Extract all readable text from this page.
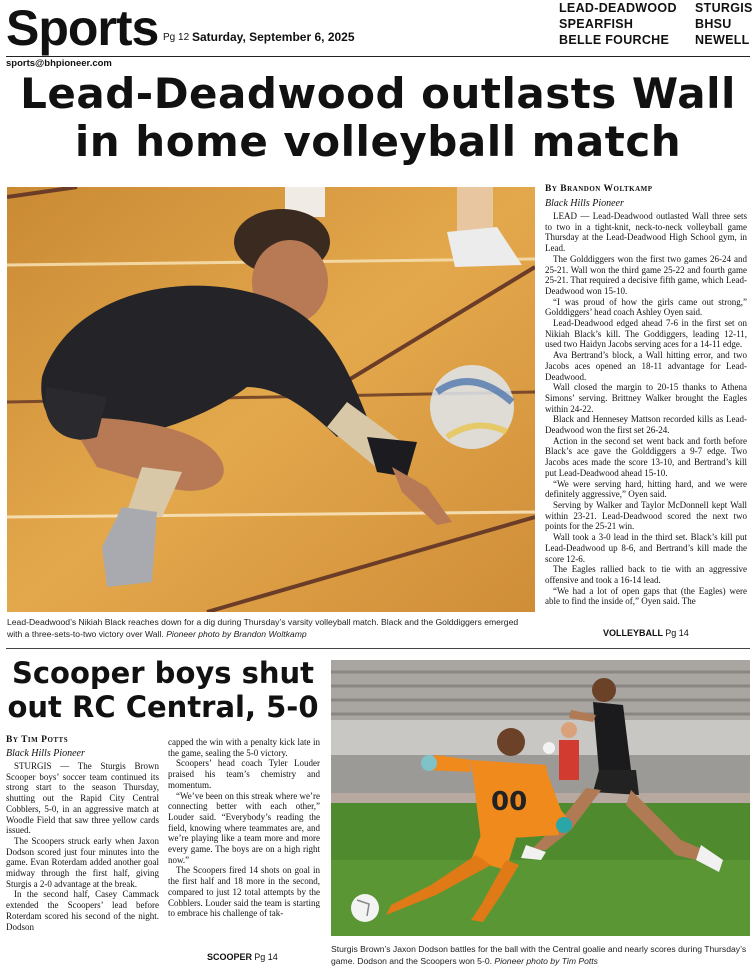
Sports Pg 12 Saturday, September 6, 2025
LEAD-DEADWOOD
SPEARFISH
BELLE FOURCHE
STURGIS
BHSU
NEWELL
sports@bhpioneer.com
Lead-Deadwood outlasts Wall
in home volleyball match
Lead-Deadwood’s Nikiah Black reaches down for a dig during Thursday’s varsity volleyball match. Black and the Golddiggers emerged with a three-sets-to-two victory over Wall. Pioneer photo by Brandon Woltkamp
By Brandon Woltkamp
Black Hills Pioneer

LEAD — Lead-Deadwood outlasted Wall three sets to two in a tight-knit, neck-to-neck volleyball game Thursday at the Lead-Deadwood High School gym, in Lead.

The Golddiggers won the first two games 26-24 and 25-21. Wall won the third game 25-22 and fourth game 25-21. That required a decisive fifth game, which Lead-Deadwood won 15-10.

“I was proud of how the girls came out strong,” Golddiggers’ head coach Ashley Oyen said.

Lead-Deadwood edged ahead 7-6 in the first set on Nikiah Black’s kill. The Goddiggers, leading 12-11, used two Haidyn Jacobs serving aces for a 14-11 edge.

Ava Bertrand’s block, a Wall hitting error, and two Jacobs aces opened an 18-11 advantage for Lead-Deadwood.

Wall closed the margin to 20-15 thanks to Athena Simons’ serving. Brittney Walker brought the Eagles within 24-22.

Black and Hennesey Mattson recorded kills as Lead-Deadwood won the first set 26-24.

Action in the second set went back and forth before Black’s ace gave the Golddiggers a 9-7 edge. Two Jacobs aces made the score 13-10, and Bertrand’s kill put Lead-Deadwood ahead 15-10.

“We were serving hard, hitting hard, and we were definitely aggressive,” Oyen said.

Serving by Walker and Taylor McDonnell kept Wall within 23-21. Lead-Deadwood scored the next two points for the 25-21 win.

Wall took a 3-0 lead in the third set. Black’s kill put Lead-Deadwood up 8-6, and Bertrand’s kill made the score 12-6.

The Eagles rallied back to tie with an aggressive offensive and took a 16-14 lead.

“We had a lot of open gaps that (the Eagles) were able to find the inside of,” Oyen said. The

VOLLEYBALL Pg 14
Scooper boys shut
out RC Central, 5-0
By Tim Potts
Black Hills Pioneer

STURGIS — The Sturgis Brown Scooper boys’ soccer team continued its strong start to the season Thursday, shutting out the Rapid City Central Cobblers, 5-0, in an aggressive match at Woodle Field that saw three yellow cards issued.

The Scoopers struck early when Jaxon Dodson scored just four minutes into the game. Evan Roterdam added another goal midway through the first half, giving Sturgis a 2-0 advantage at the break.

In the second half, Casey Cammack extended the Scoopers’ lead before Roterdam scored his second of the night. Dodson

capped the win with a penalty kick late in the game, sealing the 5-0 victory.

Scoopers’ head coach Tyler Louder praised his team’s chemistry and momentum.

“We’ve been on this streak where we’re connecting better with each other,” Louder said. “Everybody’s reading the field, knowing where teammates are, and we’re playing like a team more and more every game. The boys are on a high right now.”

The Scoopers fired 14 shots on goal in the first half and 18 more in the second, compared to just 12 total attempts by the Cobblers. Louder said the team is starting to embrace his challenge of tak-

SCOOPER Pg 14
00
Sturgis Brown’s Jaxon Dodson battles for the ball with the Central goalie and nearly scores during Thursday’s game. Dodson and the Scoopers won 5-0. Pioneer photo by Tim Potts
